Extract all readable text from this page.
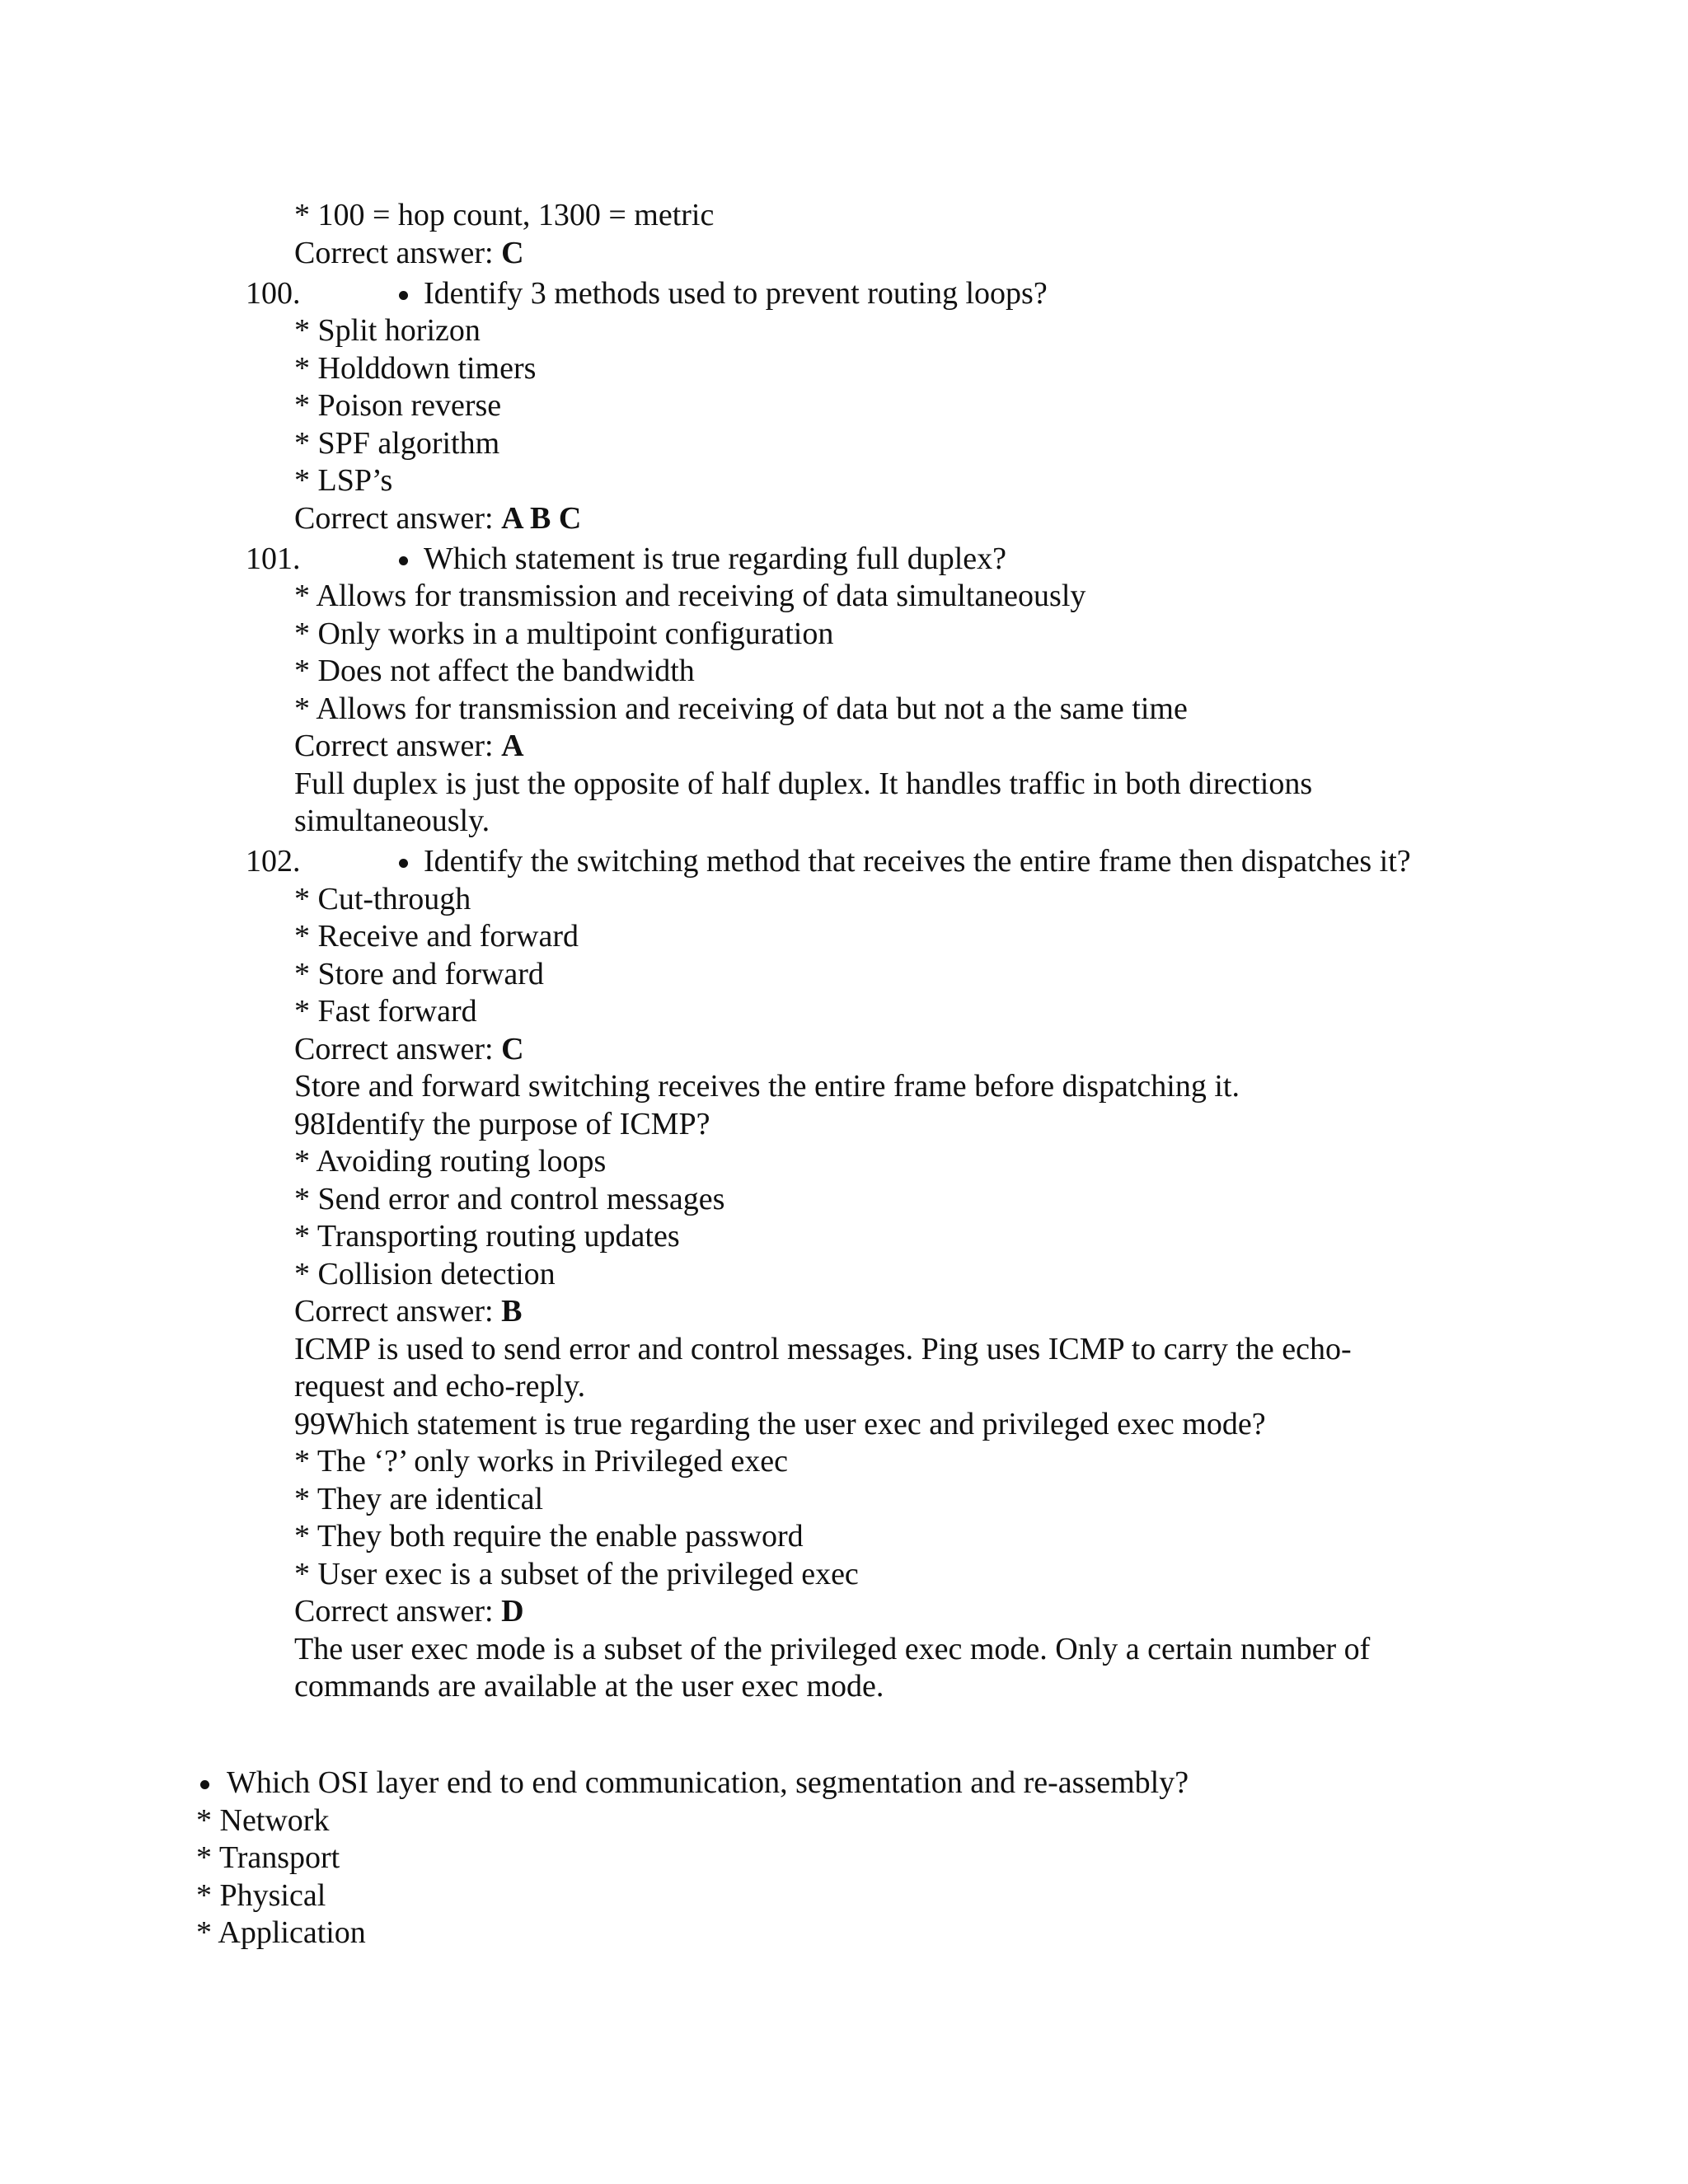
* 100 = hop count, 1300 = metric
Correct answer: C
100.	Identify 3 methods used to prevent routing loops?
* Split horizon
* Holddown timers
* Poison reverse
* SPF algorithm
* LSP’s
Correct answer: A B C
101.	Which statement is true regarding full duplex?
* Allows for transmission and receiving of data simultaneously
* Only works in a multipoint configuration
* Does not affect the bandwidth
* Allows for transmission and receiving of data but not a the same time
Correct answer: A
Full duplex is just the opposite of half duplex. It handles traffic in both directions
simultaneously.
102.	Identify the switching method that receives the entire frame then dispatches it?
* Cut-through
* Receive and forward
* Store and forward
* Fast forward
Correct answer: C
Store and forward switching receives the entire frame before dispatching it.
98Identify the purpose of ICMP?
* Avoiding routing loops
* Send error and control messages
* Transporting routing updates
* Collision detection
Correct answer: B
ICMP is used to send error and control messages. Ping uses ICMP to carry the echo-
request and echo-reply.
99Which statement is true regarding the user exec and privileged exec mode?
* The ‘?’ only works in Privileged exec
* They are identical
* They both require the enable password
* User exec is a subset of the privileged exec
Correct answer: D
The user exec mode is a subset of the privileged exec mode. Only a certain number of
commands are available at the user exec mode.
Which OSI layer end to end communication, segmentation and re-assembly?
* Network
* Transport
* Physical
* Application
